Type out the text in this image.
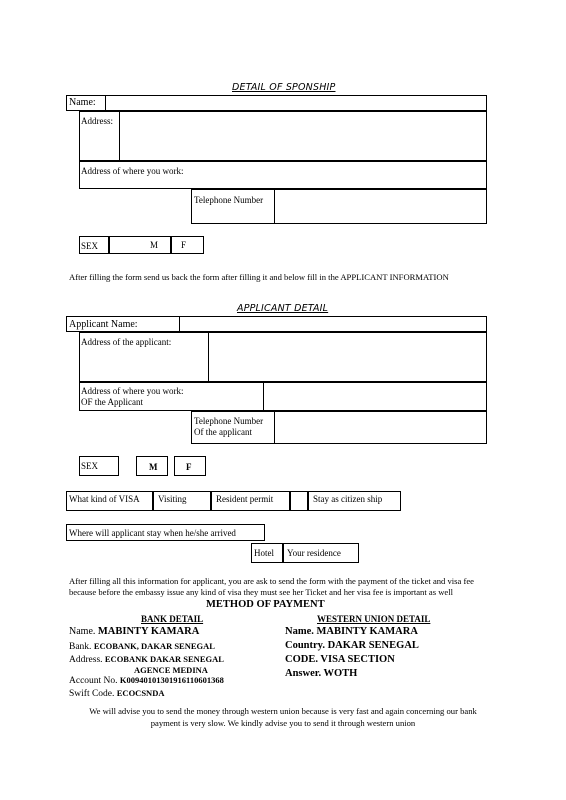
DETAIL OF SPONSHIP
Name:
Address:
Address of where you work:
Telephone Number
SEX	M	F
After filling the form send us back the form after filling it and below fill in the APPLICANT INFORMATION
APPLICANT DETAIL
Applicant Name:
Address of the applicant:
Address of where you work:
OF the Applicant
Telephone Number
Of the applicant
SEX	M	F
What kind of VISA Visiting	Resident permit	Stay as citizen ship
Where will applicant stay when he/she arrived
Hotel Your residence
After filling all this information for applicant, you are ask to send the form with the payment of the ticket and visa fee
because before the embassy issue any kind of visa they must see her Ticket and her visa fee is important as well
METHOD OF PAYMENT
BANK DETAIL
Name. MABINTY KAMARA
Bank. ECOBANK, DAKAR SENEGAL
Address. ECOBANK DAKAR SENEGAL
AGENCE MEDINA
Account No. K00940101301916110601368
Swift Code. ECOCSNDA
WESTERN UNION DETAIL
Name. MABINTY KAMARA
Country. DAKAR SENEGAL
CODE. VISA SECTION
Answer. WOTH
We will advise you to send the money through western union because is very fast and again concerning our bank
payment is very slow. We kindly advise you to send it through western union
